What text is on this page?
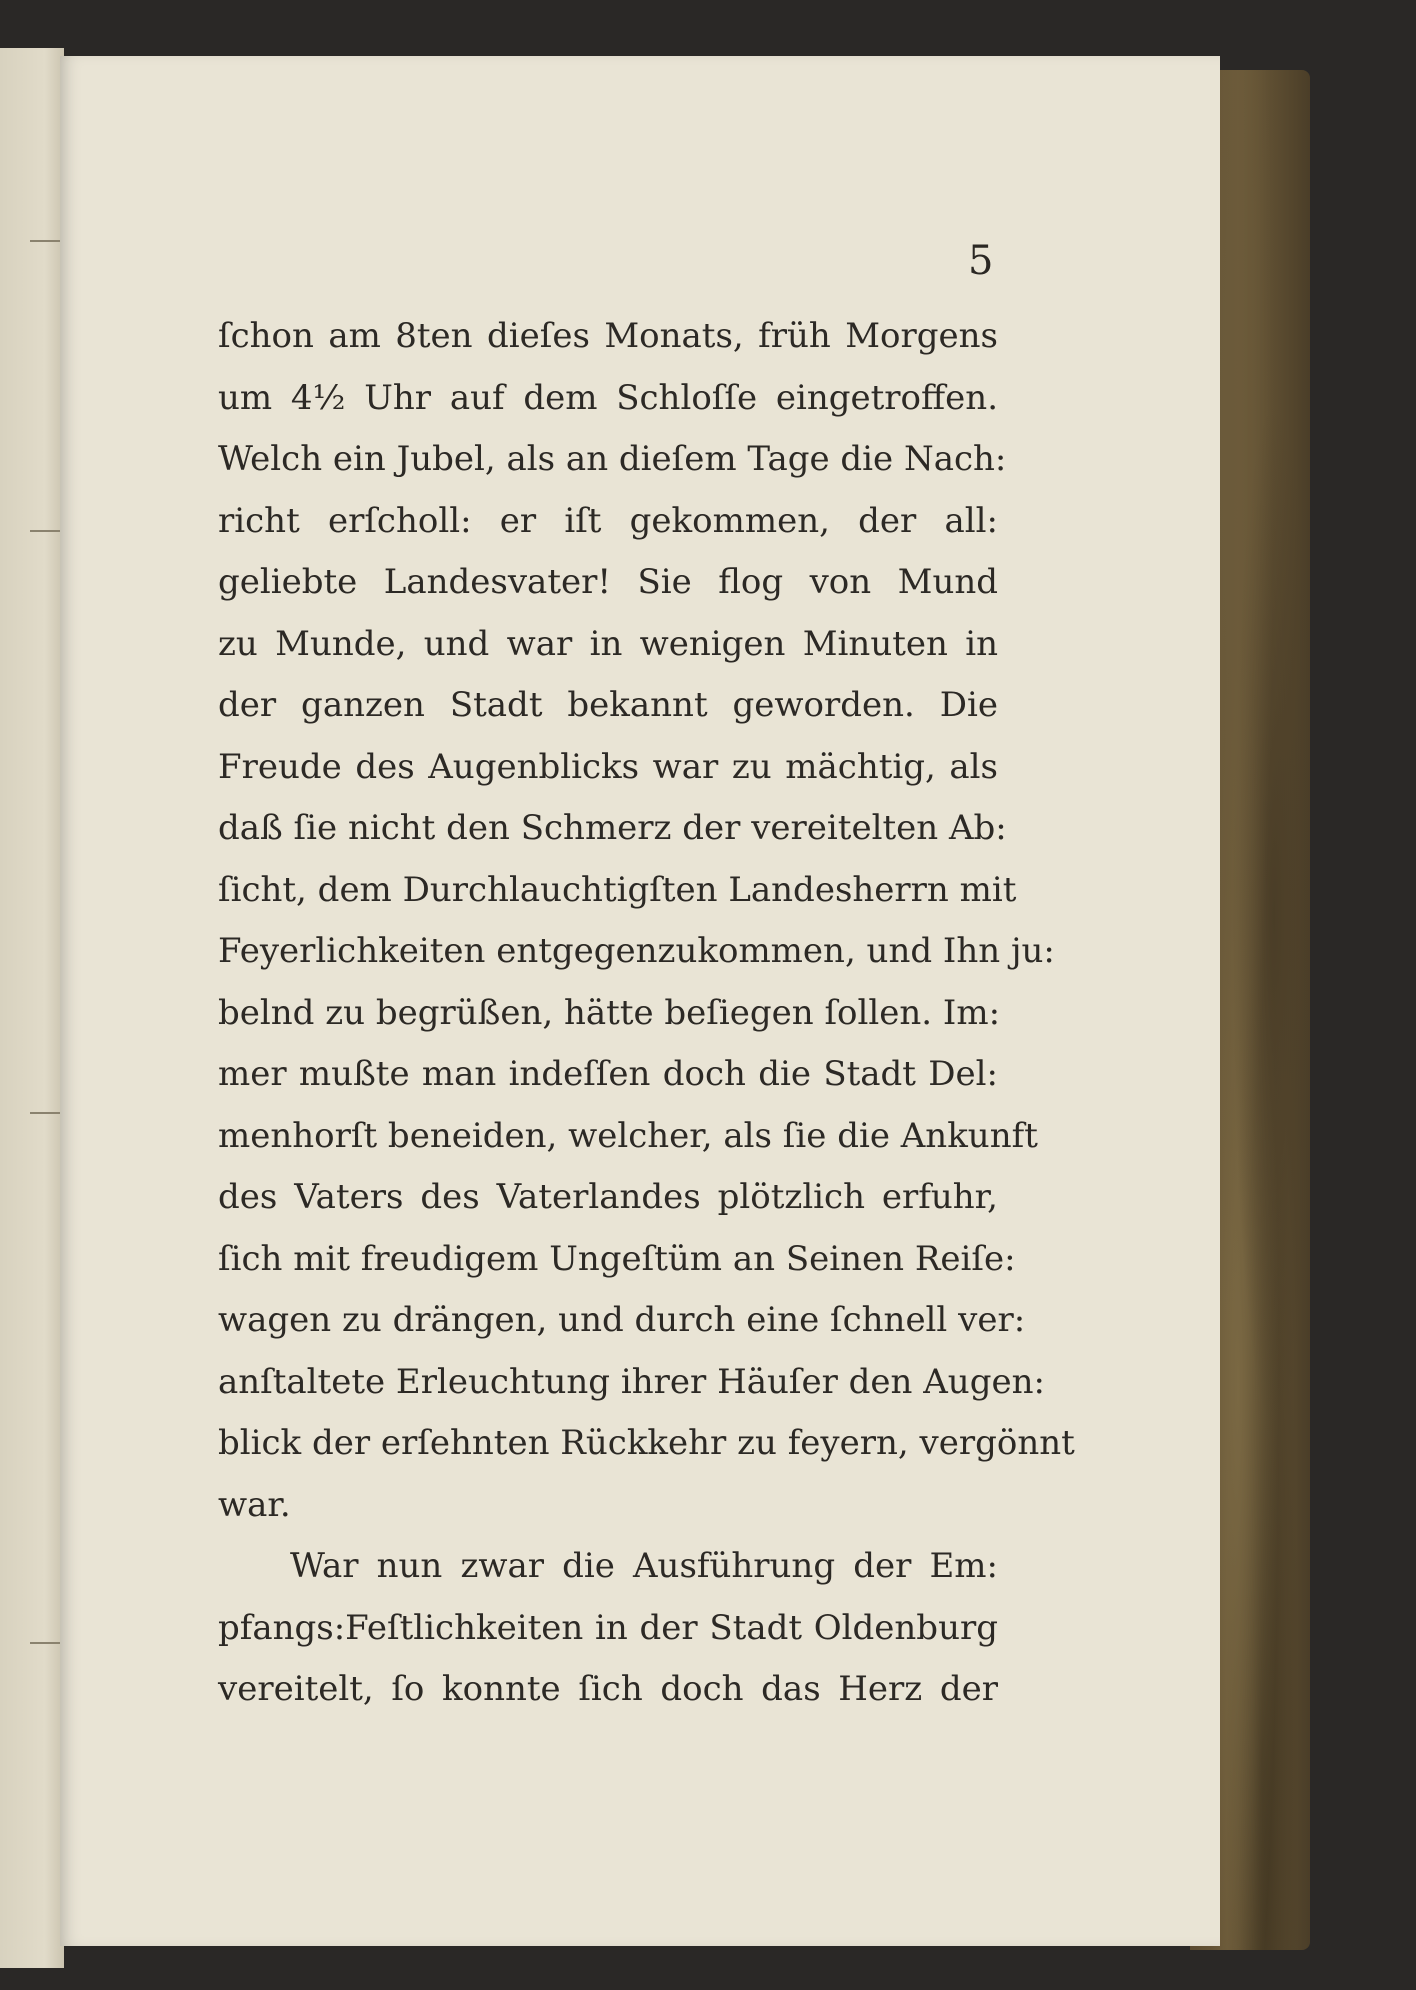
5
ſchon am 8ten dieſes Monats, früh Morgens
um 4½ Uhr auf dem Schloſſe eingetroffen.
Welch ein Jubel, als an dieſem Tage die Nach:
richt erſcholl: er iſt gekommen, der all:
geliebte Landesvater! Sie flog von Mund
zu Munde, und war in wenigen Minuten in
der ganzen Stadt bekannt geworden. Die
Freude des Augenblicks war zu mächtig, als
daß ſie nicht den Schmerz der vereitelten Ab:
ſicht, dem Durchlauchtigſten Landesherrn mit
Feyerlichkeiten entgegenzukommen, und Ihn ju:
belnd zu begrüßen, hätte beſiegen ſollen. Im:
mer mußte man indeſſen doch die Stadt Del:
menhorſt beneiden, welcher, als ſie die Ankunft
des Vaters des Vaterlandes plötzlich erfuhr,
ſich mit freudigem Ungeſtüm an Seinen Reiſe:
wagen zu drängen, und durch eine ſchnell ver:
anſtaltete Erleuchtung ihrer Häuſer den Augen:
blick der erſehnten Rückkehr zu feyern, vergönnt
war.
War nun zwar die Ausführung der Em:
pfangs:Feſtlichkeiten in der Stadt Oldenburg
vereitelt, ſo konnte ſich doch das Herz der
